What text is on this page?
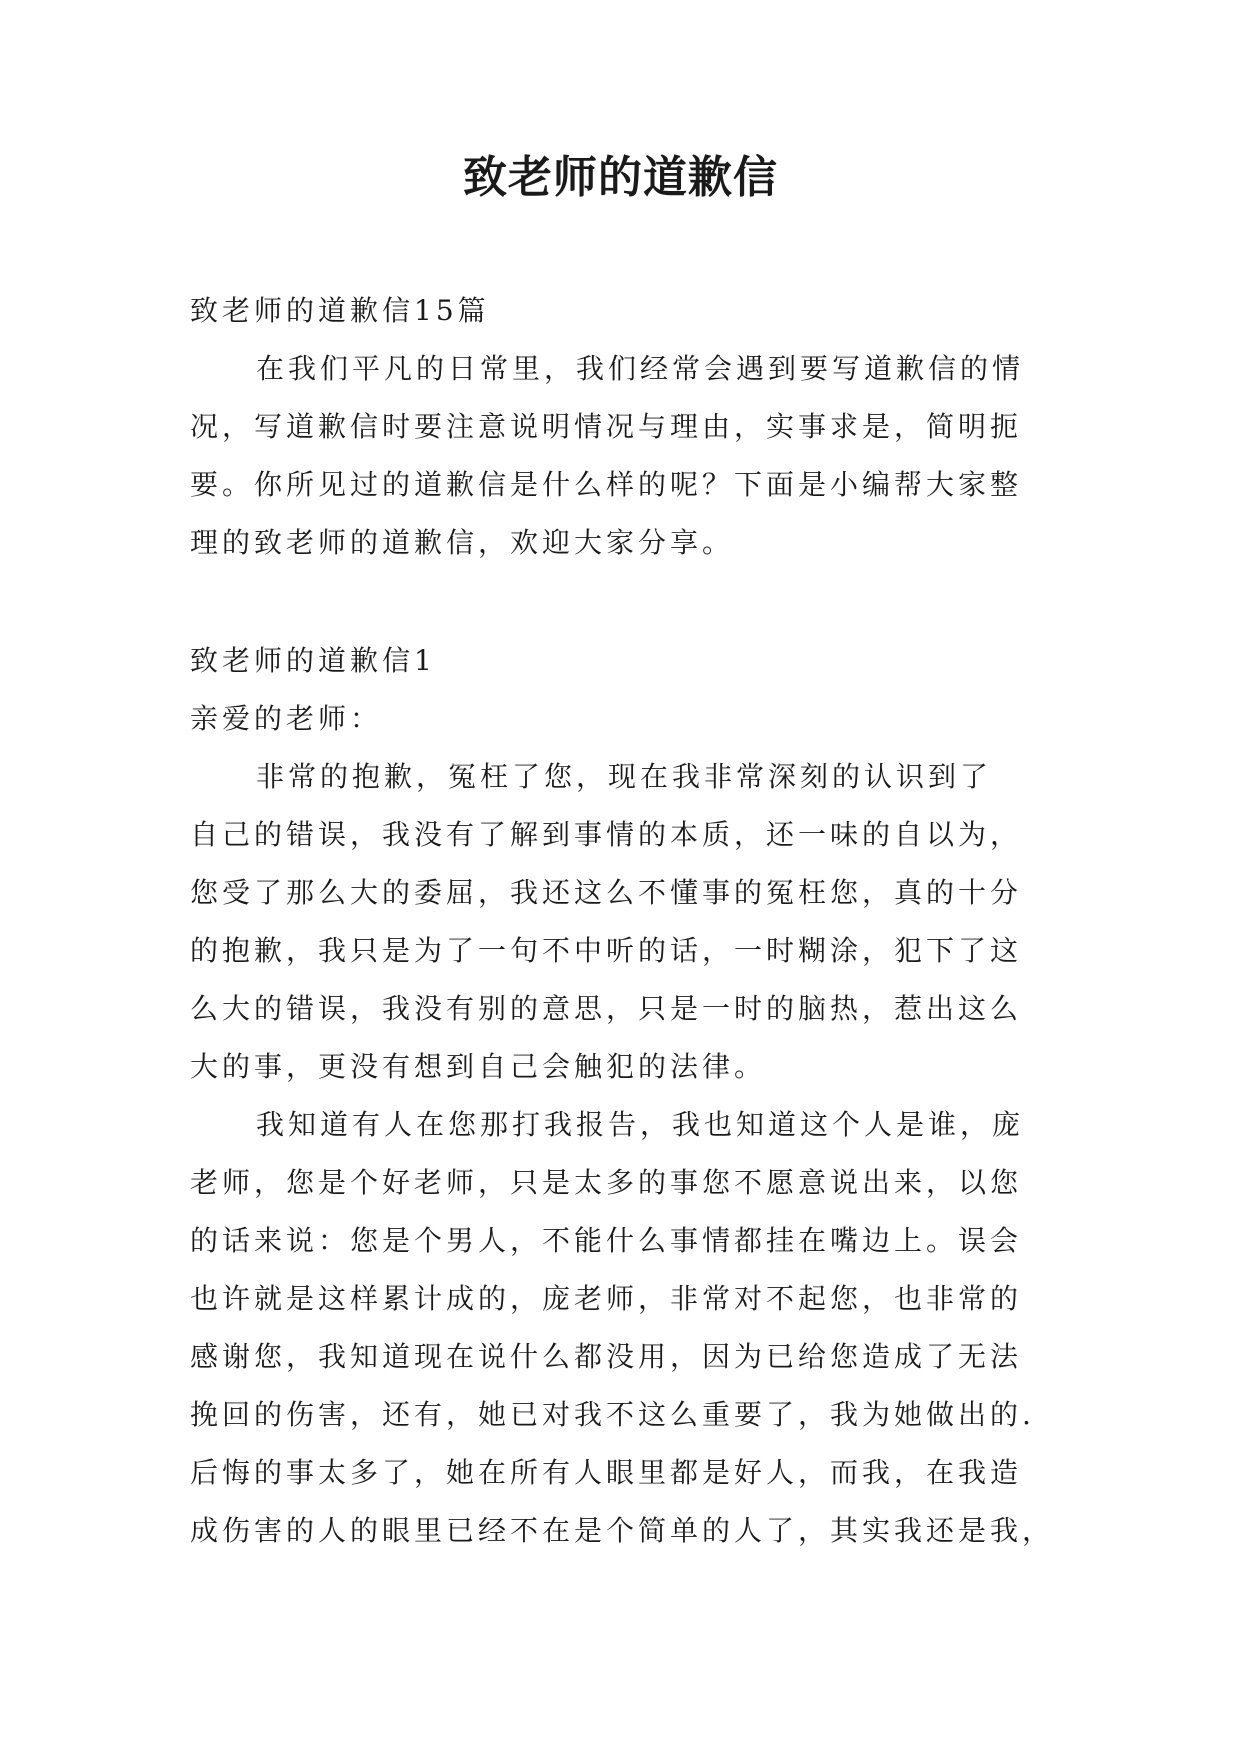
致老师的道歉信

致老师的道歉信15篇

在我们平凡的日常里，我们经常会遇到要写道歉信的情

况，写道歉信时要注意说明情况与理由，实事求是，简明扼

要。你所见过的道歉信是什么样的呢？下面是小编帮大家整

理的致老师的道歉信，欢迎大家分享。

致老师的道歉信1

亲爱的老师：

非常的抱歉，冤枉了您，现在我非常深刻的认识到了

自己的错误，我没有了解到事情的本质，还一味的自以为，

您受了那么大的委屈，我还这么不懂事的冤枉您，真的十分

的抱歉，我只是为了一句不中听的话，一时糊涂，犯下了这

么大的错误，我没有别的意思，只是一时的脑热，惹出这么

大的事，更没有想到自己会触犯的法律。

我知道有人在您那打我报告，我也知道这个人是谁，庞

老师，您是个好老师，只是太多的事您不愿意说出来，以您

的话来说：您是个男人，不能什么事情都挂在嘴边上。误会

也许就是这样累计成的，庞老师，非常对不起您，也非常的

感谢您，我知道现在说什么都没用，因为已给您造成了无法

挽回的伤害，还有，她已对我不这么重要了，我为她做出的.

后悔的事太多了，她在所有人眼里都是好人，而我，在我造

成伤害的人的眼里已经不在是个简单的人了，其实我还是我，
